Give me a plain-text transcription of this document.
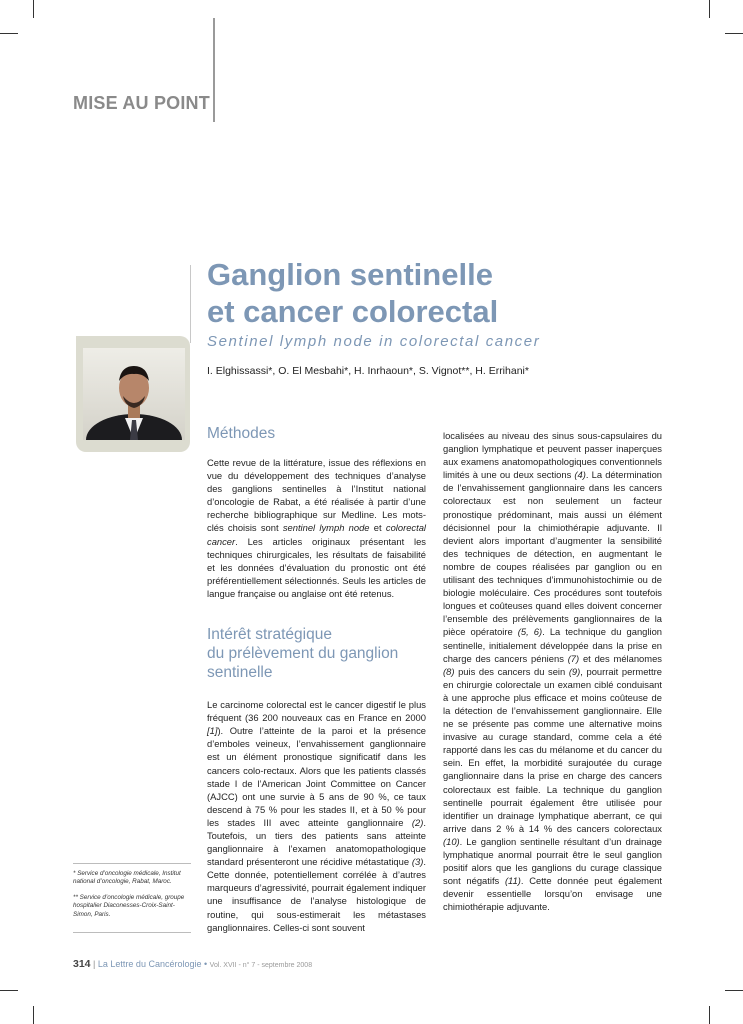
MISE AU POINT
Ganglion sentinelle
et cancer colorectal

Sentinel lymph node in colorectal cancer

I. Elghissassi*, O. El Mesbahi*, H. Inrhaoun*, S. Vignot**, H. Errihani*

Méthodes

Cette revue de la littérature, issue des réflexions en vue du développement des techniques d’analyse des ganglions sentinelles à l’Institut national d’oncologie de Rabat, a été réalisée à partir d’une recherche bibliographique sur Medline. Les mots-clés choisis sont sentinel lymph node et colorectal cancer. Les articles originaux présentant les techniques chirurgicales, les résultats de faisabilité et les données d’évaluation du pronostic ont été préférentiellement sélectionnés. Seuls les articles de langue française ou anglaise ont été retenus.

Intérêt stratégique
du prélèvement du ganglion
sentinelle

Le carcinome colorectal est le cancer digestif le plus fréquent (36 200 nouveaux cas en France en 2000 [1]). Outre l’atteinte de la paroi et la présence d’emboles veineux, l’envahissement ganglionnaire est un élément pronostique significatif dans les cancers colo-rectaux. Alors que les patients classés stade I de l’American Joint Committee on Cancer (AJCC) ont une survie à 5 ans de 90 %, ce taux descend à 75 % pour les stades II, et à 50 % pour les stades III avec atteinte ganglionnaire (2). Toutefois, un tiers des patients sans atteinte ganglionnaire à l’examen anatomopathologique standard présenteront une récidive métastatique (3). Cette donnée, potentiellement corrélée à d’autres marqueurs d’agressivité, pourrait également indiquer une insuffisance de l’analyse histologique de routine, qui sous-estimerait les métastases ganglionnaires. Celles-ci sont souvent

localisées au niveau des sinus sous-capsulaires du ganglion lymphatique et peuvent passer inaperçues aux examens anatomopathologiques conventionnels limités à une ou deux sections (4). La détermination de l’envahissement ganglionnaire dans les cancers colorectaux est non seulement un facteur pronostique prédominant, mais aussi un élément décisionnel pour la chimiothérapie adjuvante. Il devient alors important d’augmenter la sensibilité des techniques de détection, en augmentant le nombre de coupes réalisées par ganglion ou en utilisant des techniques d’immunohistochimie ou de biologie moléculaire. Ces procédures sont toutefois longues et coûteuses quand elles doivent concerner l’ensemble des prélèvements ganglionnaires de la pièce opératoire (5, 6). La technique du ganglion sentinelle, initialement développée dans la prise en charge des cancers péniens (7) et des mélanomes (8) puis des cancers du sein (9), pourrait permettre en chirurgie colorectale un examen ciblé conduisant à une approche plus efficace et moins coûteuse de la détection de l’envahissement ganglionnaire. Elle ne se présente pas comme une alternative moins invasive au curage standard, comme cela a été rapporté dans les cas du mélanome et du cancer du sein. En effet, la morbidité surajoutée du curage ganglionnaire dans la prise en charge des cancers colorectaux est faible. La technique du ganglion sentinelle pourrait également être utilisée pour identifier un drainage lymphatique aberrant, ce qui arrive dans 2 % à 14 % des cancers colorectaux (10). Le ganglion sentinelle résultant d’un drainage lymphatique anormal pourrait être le seul ganglion positif alors que les ganglions du curage classique sont négatifs (11). Cette donnée peut également devenir essentielle lorsqu’on envisage une chimiothérapie adjuvante.

* Service d’oncologie médicale, Institut national d’oncologie, Rabat, Maroc.

** Service d’oncologie médicale, groupe hospitalier Diaconesses-Croix-Saint-Simon, Paris.

314 | La Lettre du Cancérologie • Vol. XVII - n° 7 - septembre 2008
